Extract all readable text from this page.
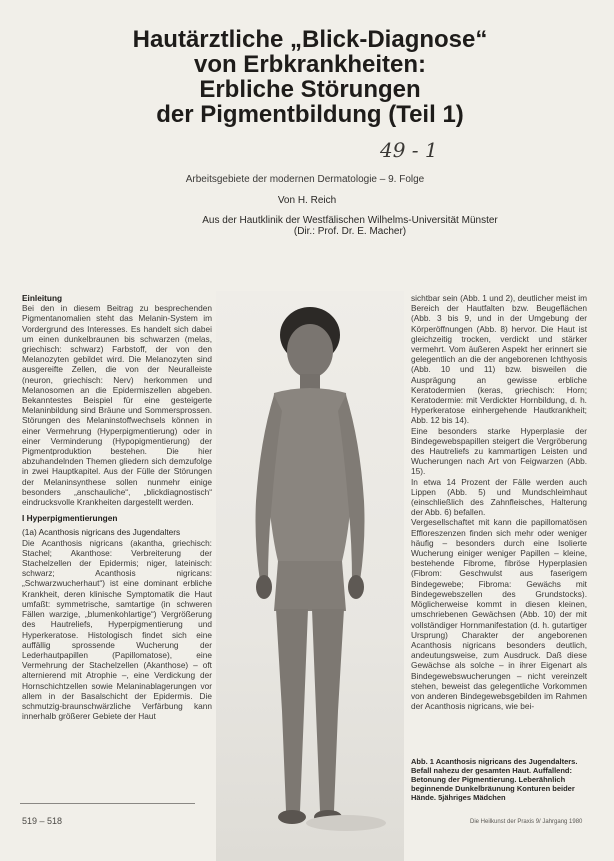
Hautärztliche „Blick-Diagnose“
von Erbkrankheiten:
Erbliche Störungen
der Pigmentbildung (Teil 1)
49 - 1
Arbeitsgebiete der modernen Dermatologie – 9. Folge
Von H. Reich
Aus der Hautklinik der Westfälischen Wilhelms-Universität Münster
(Dir.: Prof. Dr. E. Macher)

Einleitung

Bei den in diesem Beitrag zu besprechenden Pigmentanomalien steht das Melanin-System im Vordergrund des Interesses. Es handelt sich dabei um einen dunkelbraunen bis schwarzen (melas, griechisch: schwarz) Farbstoff, der von den Melanozyten gebildet wird. Die Melanozyten sind ausgereifte Zellen, die von der Neuralleiste (neuron, griechisch: Nerv) herkommen und Melanosomen an die Epidermiszellen abgeben. Bekanntestes Beispiel für eine gesteigerte Melaninbildung sind Bräune und Sommersprossen. Störungen des Melaninstoffwechsels können in einer Vermehrung (Hyperpigmentierung) oder in einer Verminderung (Hypopigmentierung) der Pigmentproduktion bestehen. Die hier abzuhandelnden Themen gliedern sich demzufolge in zwei Hauptkapitel. Aus der Fülle der Störungen der Melaninsynthese sollen nunmehr einige besonders „anschauliche“, „blickdiagnostisch“ eindrucksvolle Krankheiten dargestellt werden.

I Hyperpigmentierungen

(1a) Acanthosis nigricans des Jugendalters

Die Acanthosis nigricans (akantha, griechisch: Stachel; Akanthose: Verbreiterung der Stachelzellen der Epidermis; niger, lateinisch: schwarz; Acanthosis nigricans: „Schwarzwucherhaut“) ist eine dominant erbliche Krankheit, deren klinische Symptomatik die Haut umfaßt: symmetrische, samtartige (in schweren Fällen warzige, „blumenkohlartige“) Vergrößerung des Hautreliefs, Hyperpigmentierung und Hyperkeratose. Histologisch findet sich eine auffällig sprossende Wucherung der Lederhautpapillen (Papillomatose), eine Vermehrung der Stachelzellen (Akanthose) – oft alternierend mit Atrophie –, eine Verdickung der Hornschichtzellen sowie Melaninablagerungen vor allem in der Basalschicht der Epidermis. Die schmutzig-braunschwärzliche Verfärbung kann innerhalb größerer Gebiete der Haut

sichtbar sein (Abb. 1 und 2), deutlicher meist im Bereich der Hautfalten bzw. Beugeflächen (Abb. 3 bis 9, und in der Umgebung der Körperöffnungen (Abb. 8) hervor. Die Haut ist gleichzeitig trocken, verdickt und stärker vermehrt. Vom äußeren Aspekt her erinnert sie gelegentlich an die der angeborenen Ichthyosis (Abb. 10 und 11) bzw. bisweilen die Ausprägung an gewisse erbliche Keratodermien (keras, griechisch: Horn; Keratodermie: mit Verdickter Hornbildung, d. h. Hyperkeratose einhergehende Hautkrankheit; Abb. 12 bis 14).

Eine besonders starke Hyperplasie der Bindegewebspapillen steigert die Vergröberung des Hautreliefs zu kammartigen Leisten und Wucherungen nach Art von Feigwarzen (Abb. 15).

In etwa 14 Prozent der Fälle werden auch Lippen (Abb. 5) und Mundschleimhaut (einschließlich des Zahnfleisches, Halterung der Abb. 6) befallen.

Vergesellschaftet mit kann die papillomatösen Effloreszenzen finden sich mehr oder weniger häufig – besonders durch eine Isolierte Wucherung einiger weniger Papillen – kleine, bestehende Fibrome, fibröse Hyperplasien (Fibrom: Geschwulst aus faserigem Bindegewebe; Fibroma: Gewächs mit Bindegewebszellen des Grundstocks). Möglicherweise kommt in diesen kleinen, umschriebenen Gewächsen (Abb. 10) der mit vollständiger Hornmanifestation (d. h. gutartiger Ursprung) Charakter der angeborenen Acanthosis nigricans besonders deutlich, andeutungsweise, zum Ausdruck. Daß diese Gewächse als solche – in ihrer Eigenart als Bindegewebswucherungen – nicht vereinzelt stehen, beweist das gelegentliche Vorkommen von anderen Bindegewebsgebilden im Rahmen der Acanthosis nigricans, wie bei-

Abb. 1 Acanthosis nigricans des Jugendalters. Befall nahezu der gesamten Haut. Auffallend: Betonung der Pigmentierung. Leberähnlich beginnende Dunkelbräunung Konturen beider Hände. 5jähriges Mädchen
519 – 518	Die Heilkunst der Praxis 9/ Jahrgang 1980
